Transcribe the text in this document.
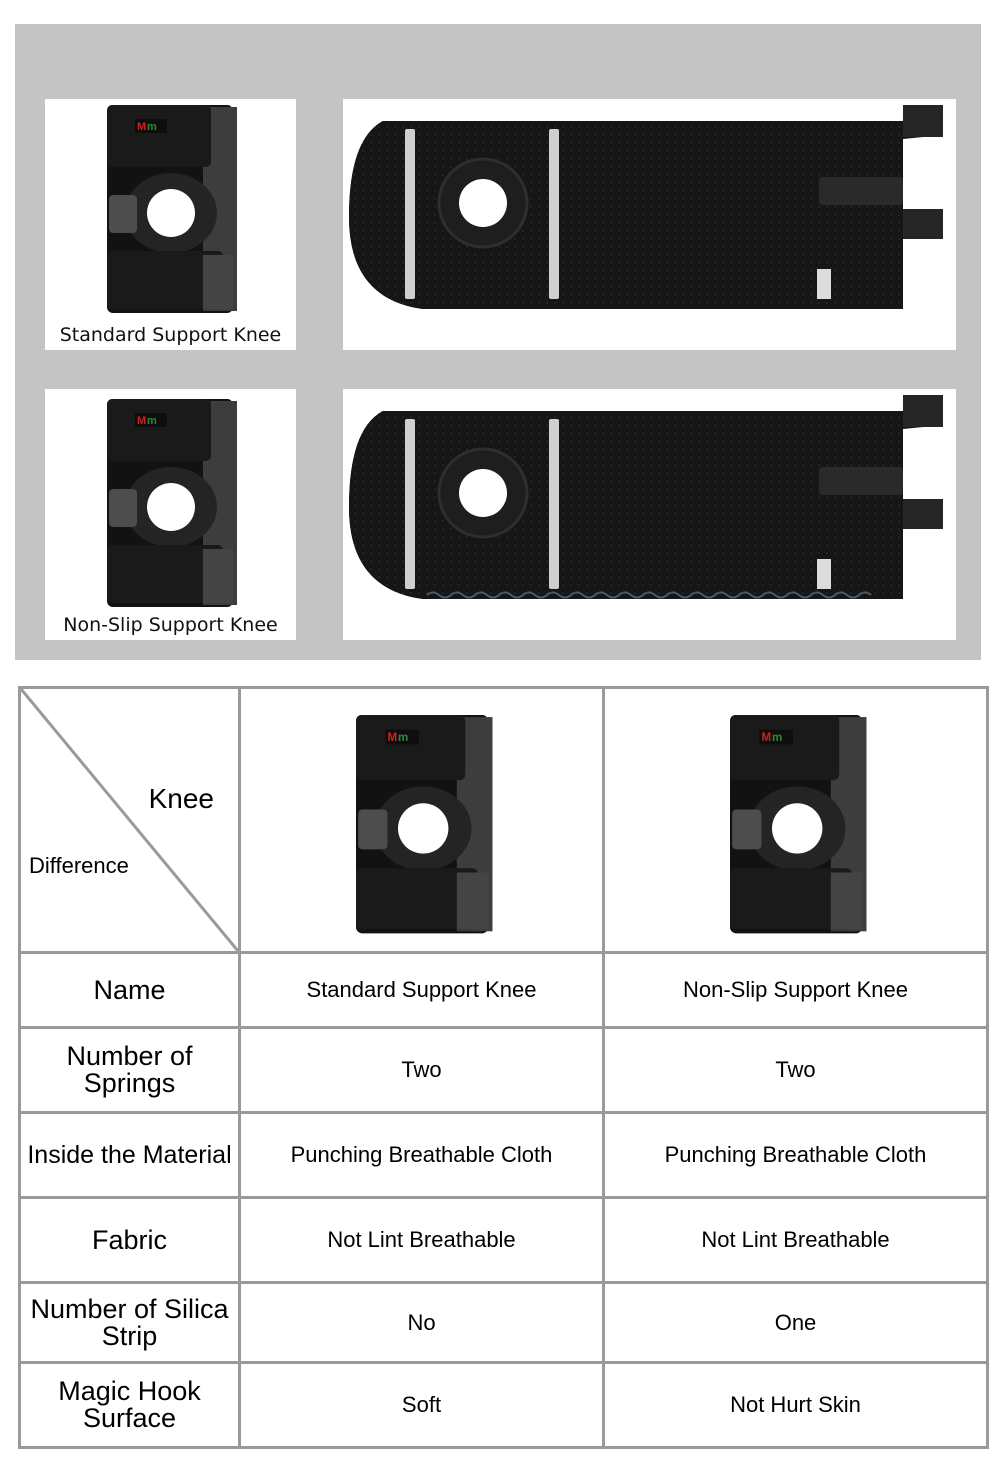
Standard Support Knee
Non-Slip Support Knee
Knee
Difference

Name	Standard Support Knee	Non-Slip Support Knee
Number of Springs	Two	Two
Inside the Material	Punching Breathable Cloth	Punching Breathable Cloth
Fabric	Not Lint Breathable	Not Lint Breathable
Number of Silica Strip	No	One
Magic Hook Surface	Soft	Not Hurt Skin
